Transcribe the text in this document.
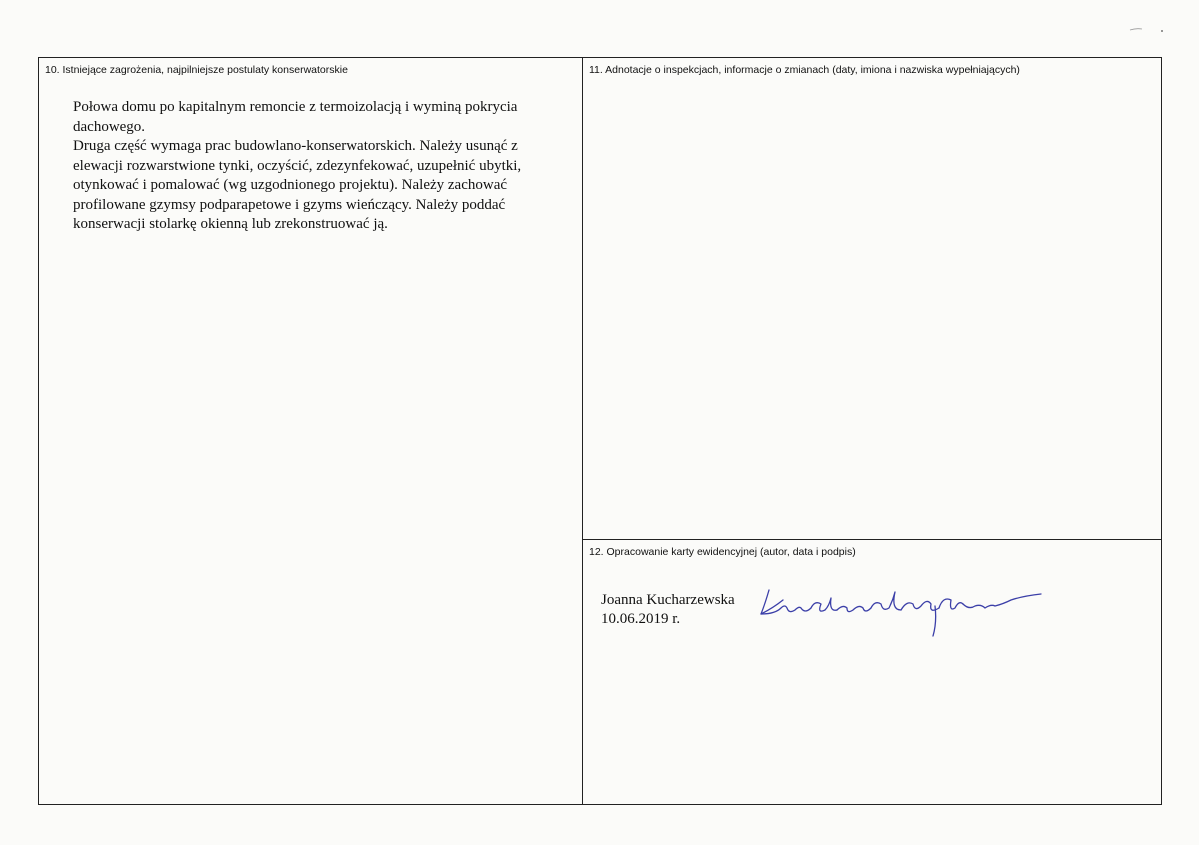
10. Istniejące zagrożenia, najpilniejsze postulaty konserwatorskie

Połowa domu po kapitalnym remoncie z termoizolacją i wyminą pokrycia dachowego.

Druga część wymaga prac budowlano-konserwatorskich. Należy usunąć z elewacji rozwarstwione tynki, oczyścić, zdezynfekować, uzupełnić ubytki, otynkować i pomalować (wg uzgodnionego projektu). Należy zachować profilowane gzymsy podparapetowe i gzyms wieńczący. Należy poddać konserwacji stolarkę okienną lub zrekonstruować ją.

11. Adnotacje o inspekcjach, informacje o zmianach (daty, imiona i nazwiska wypełniających)
12. Opracowanie karty ewidencyjnej (autor, data i podpis)
Joanna Kucharzewska
10.06.2019 r.
